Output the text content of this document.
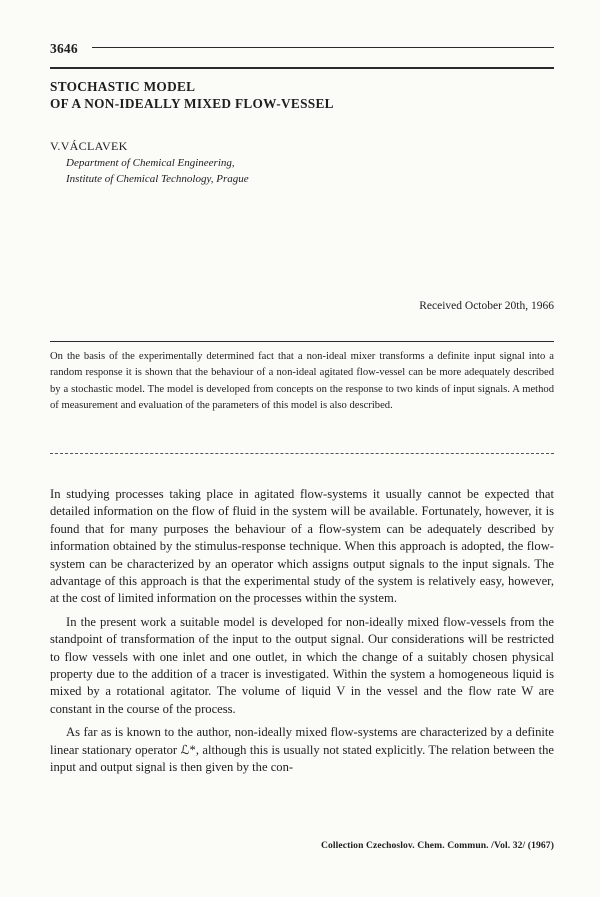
3646
STOCHASTIC MODEL
OF A NON-IDEALLY MIXED FLOW-VESSEL
V.VÁCLAVEK
Department of Chemical Engineering,
Institute of Chemical Technology, Prague
Received October 20th, 1966

On the basis of the experimentally determined fact that a non-ideal mixer transforms a definite input signal into a random response it is shown that the behaviour of a non-ideal agitated flow-vessel can be more adequately described by a stochastic model. The model is developed from concepts on the response to two kinds of input signals. A method of measurement and evaluation of the parameters of this model is also described.

In studying processes taking place in agitated flow-systems it usually cannot be expected that detailed information on the flow of fluid in the system will be available. Fortunately, however, it is found that for many purposes the behaviour of a flow-system can be adequately described by information obtained by the stimulus-response technique. When this approach is adopted, the flow-system can be characterized by an operator which assigns output signals to the input signals. The advantage of this approach is that the experimental study of the system is relatively easy, however, at the cost of limited information on the processes within the system.

In the present work a suitable model is developed for non-ideally mixed flow-vessels from the standpoint of transformation of the input to the output signal. Our considerations will be restricted to flow vessels with one inlet and one outlet, in which the change of a suitably chosen physical property due to the addition of a tracer is investigated. Within the system a homogeneous liquid is mixed by a rotational agitator. The volume of liquid V in the vessel and the flow rate W are constant in the course of the process.

As far as is known to the author, non-ideally mixed flow-systems are characterized by a definite linear stationary operator ℒ*, although this is usually not stated explicitly. The relation between the input and output signal is then given by the con-

Collection Czechoslov. Chem. Commun. /Vol. 32/ (1967)
